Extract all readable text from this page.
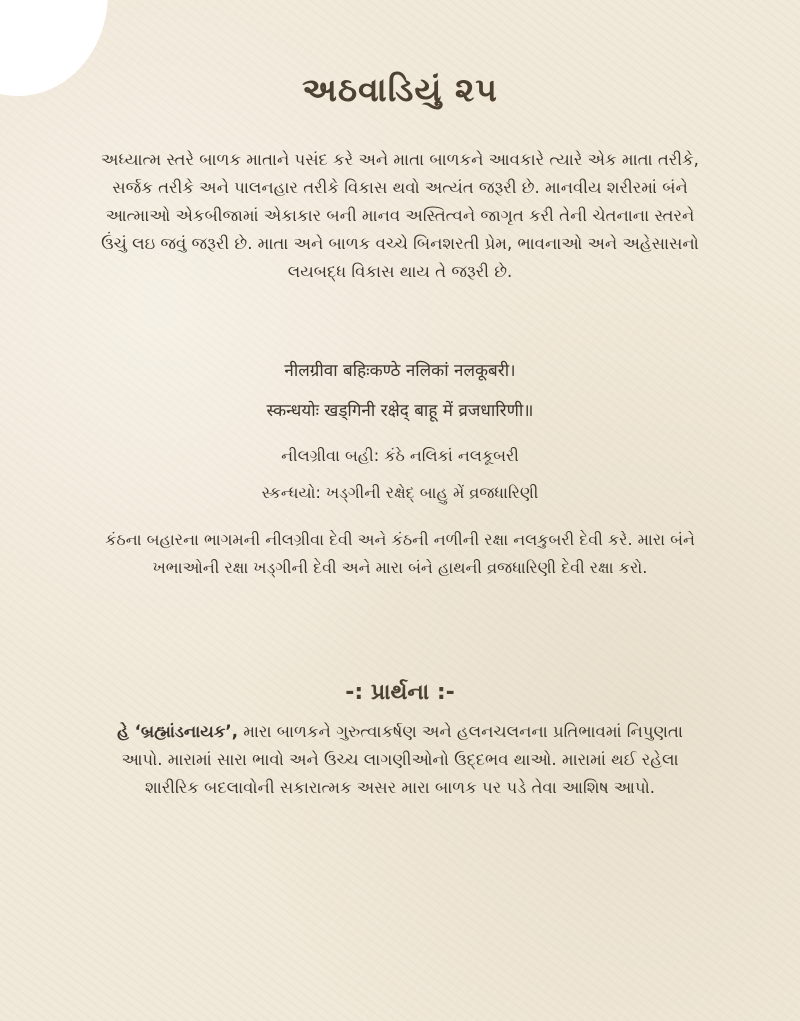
અઠવાડિયું ૨૫

અધ્યાત્મ સ્તરે બાળક માતાને પસંદ કરે અને માતા બાળકને આવકારે ત્યારે એક માતા તરીકે, સર્જક તરીકે અને પાલનહાર તરીકે વિકાસ થવો અત્યંત જરૂરી છે. માનવીય શરીરમાં બંને આત્માઓ એકબીજામાં એકાકાર બની માનવ અસ્તિત્વને જાગૃત કરી તેની ચેતનાના સ્તરને ઉંચું લઇ જવું જરૂરી છે. માતા અને બાળક વચ્ચે બિનશરતી પ્રેમ, ભાવનાઓ અને અહેસાસનો લયબદ્ધ વિકાસ થાય તે જરૂરી છે.

नीलग्रीवा बहिःकण्ठे नलिकां नलकूबरी।

स्कन्धयोः खड्गिनी रक्षेद् बाहू में व्रजधारिणी॥

નીલગ્રીવા બહી: કંઠે નલિકાં નલકૂબરી

સ્કન્ધયો: ખડ્ગીની રક્ષેદ્ બાહુ મેં વ્રજધારિણી

કંઠના બહારના ભાગમની નીલગ્રીવા દેવી અને કંઠની નળીની રક્ષા નલકુબરી દેવી કરે. મારા બંને ખભાઓની રક્ષા ખડ્ગીની દેવી અને મારા બંને હાથની વ્રજધારિણી દેવી રક્ષા કરો.

-: પ્રાર્થના :-

હે ‘બ્રહ્માંડનાયક’, મારા બાળકને ગુરુત્વાકર્ષણ અને હલનચલનના પ્રતિભાવમાં નિપુણતા આપો. મારામાં સારા ભાવો અને ઉચ્ચ લાગણીઓનો ઉદ્દભવ થાઓ. મારામાં થઈ રહેલા શારીરિક બદલાવોની સકારાત્મક અસર મારા બાળક પર પડે તેવા આશિષ આપો.
